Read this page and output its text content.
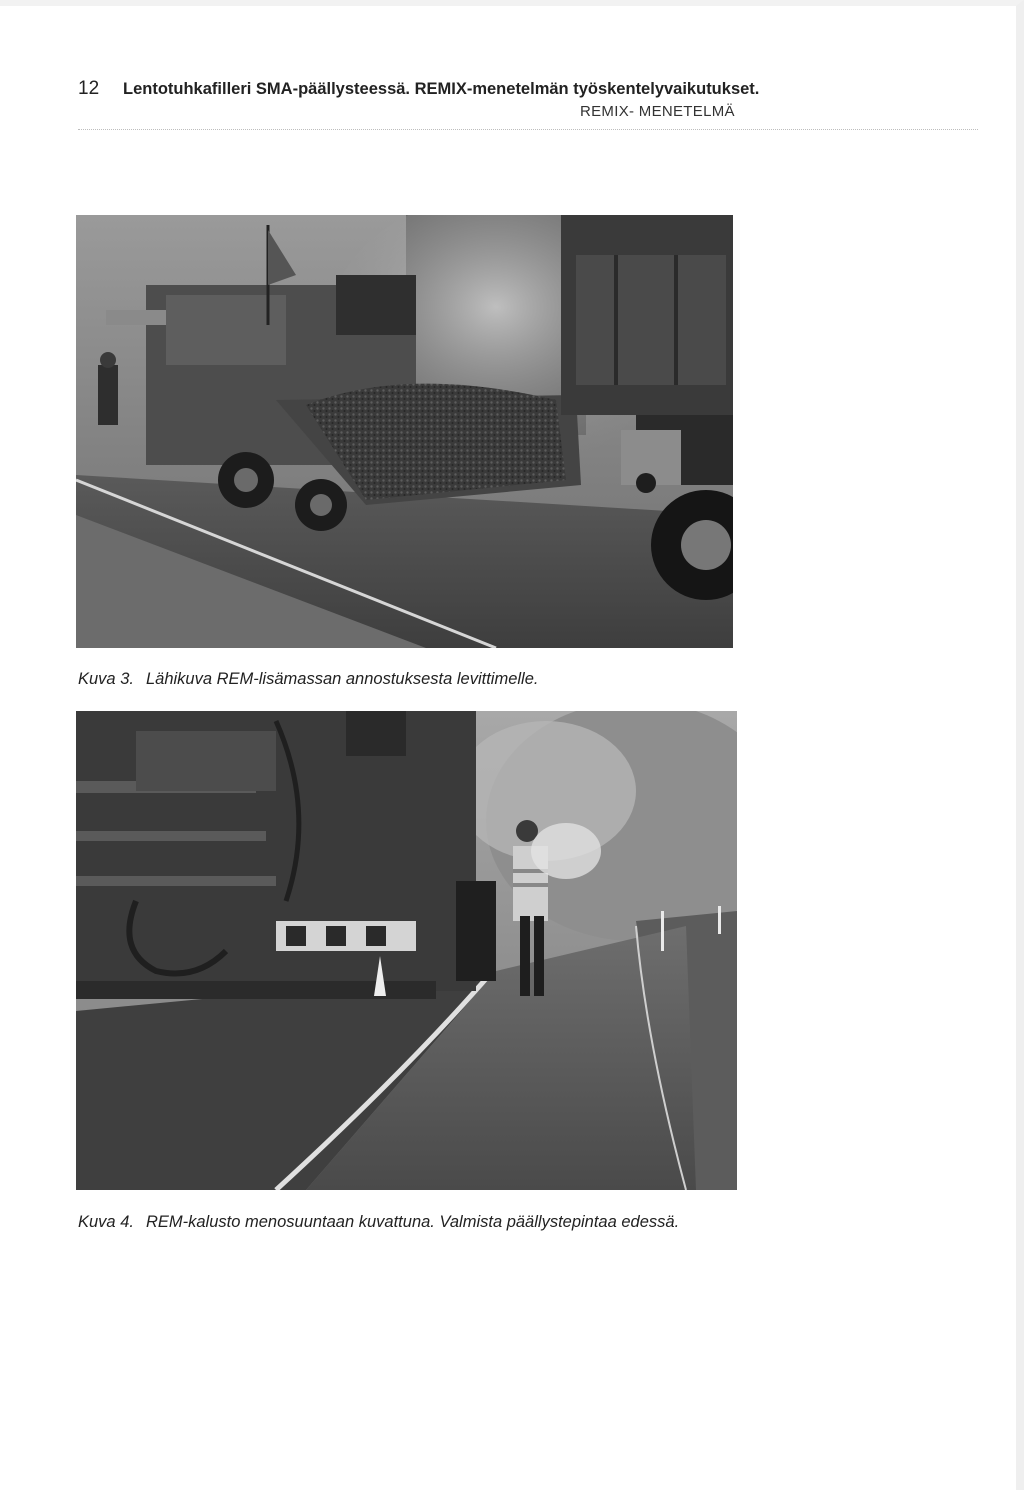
12 Lentotuhkafilleri SMA-päällysteessä. REMIX-menetelmän työskentelyvaikutukset.
REMIX- MENETELMÄ
Kuva 3. Lähikuva REM-lisämassan annostuksesta levittimelle.
Kuva 4. REM-kalusto menosuuntaan kuvattuna. Valmista päällystepintaa edessä.
